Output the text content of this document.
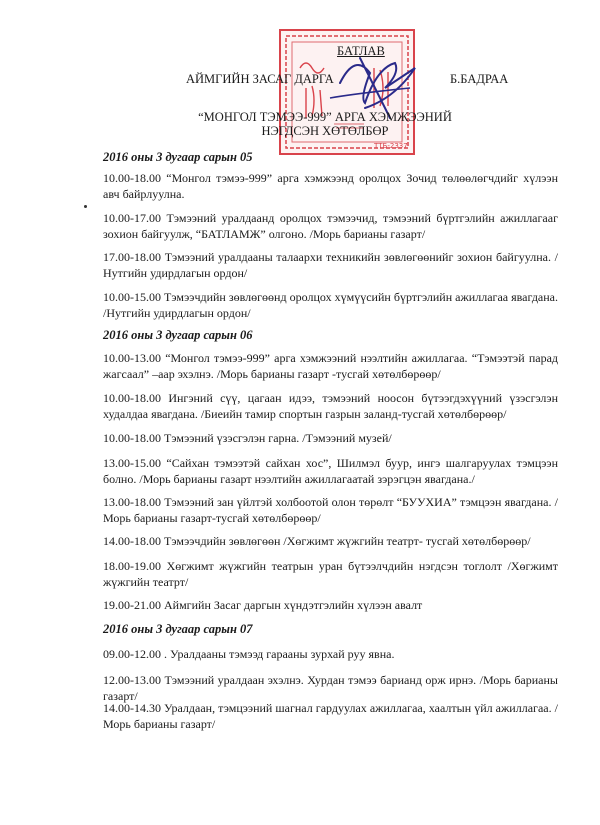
ТТБ-2337
БАТЛАВ
АЙМГИЙН ЗАСАГ ДАРГА	Б.БАДРАА
“МОНГОЛ ТЭМЭЭ-999” АРГА ХЭМЖЭЭНИЙ
НЭГДСЭН ХӨТӨЛБӨР
2016 оны 3 дугаар сарын 05
10.00-18.00 “Монгол тэмээ-999” арга хэмжээнд оролцох Зочид төлөөлөгчдийг хүлээн авч байрлуулна.
10.00-17.00 Тэмээний уралдаанд оролцох тэмээчид, тэмээний бүртгэлийн ажиллагааг зохион байгуулж, “БАТЛАМЖ” олгоно. /Морь барианы газарт/
17.00-18.00 Тэмээний уралдааны талаархи техникийн зөвлөгөөнийг зохион байгуулна. /Нутгийн удирдлагын ордон/
10.00-15.00 Тэмээчдийн зөвлөгөөнд оролцох хүмүүсийн бүртгэлийн ажиллагаа явагдана. /Нутгийн удирдлагын ордон/
2016 оны 3 дугаар сарын 06
10.00-13.00 “Монгол тэмээ-999” арга хэмжээний нээлтийн ажиллагаа. “Тэмээтэй парад жагсаал” –аар эхэлнэ. /Морь барианы газарт -тусгай хөтөлбөрөөр/
10.00-18.00 Ингэний сүү, цагаан идээ, тэмээний ноосон бүтээгдэхүүний үзэсгэлэн худалдаа явагдана. /Биеийн тамир спортын газрын заланд-тусгай хөтөлбөрөөр/
10.00-18.00 Тэмээний үзэсгэлэн гарна. /Тэмээний музей/
13.00-15.00 “Сайхан тэмээтэй сайхан хос”, Шилмэл буур, ингэ шалгаруулах тэмцээн болно. /Морь барианы газарт нээлтийн ажиллагаатай зэрэгцэн явагдана./
13.00-18.00 Тэмээний зан үйлтэй холбоотой олон төрөлт “БУУХИА” тэмцээн явагдана. /Морь барианы газарт-тусгай хөтөлбөрөөр/
14.00-18.00 Тэмээчдийн зөвлөгөөн /Хөгжимт жүжгийн театрт- тусгай хөтөлбөрөөр/
18.00-19.00 Хөгжимт жүжгийн театрын уран бүтээлчдийн нэгдсэн тоглолт /Хөгжимт жүжгийн театрт/
19.00-21.00 Аймгийн Засаг даргын хүндэтгэлийн хүлээн авалт
2016 оны 3 дугаар сарын 07
09.00-12.00 . Уралдааны тэмээд гарааны зурхай руу явна.
12.00-13.00 Тэмээний уралдаан эхэлнэ. Хурдан тэмээ барианд орж ирнэ. /Морь барианы газарт/
14.00-14.30 Уралдаан, тэмцээний шагнал гардуулах ажиллагаа, хаалтын үйл ажиллагаа. /Морь барианы газарт/
